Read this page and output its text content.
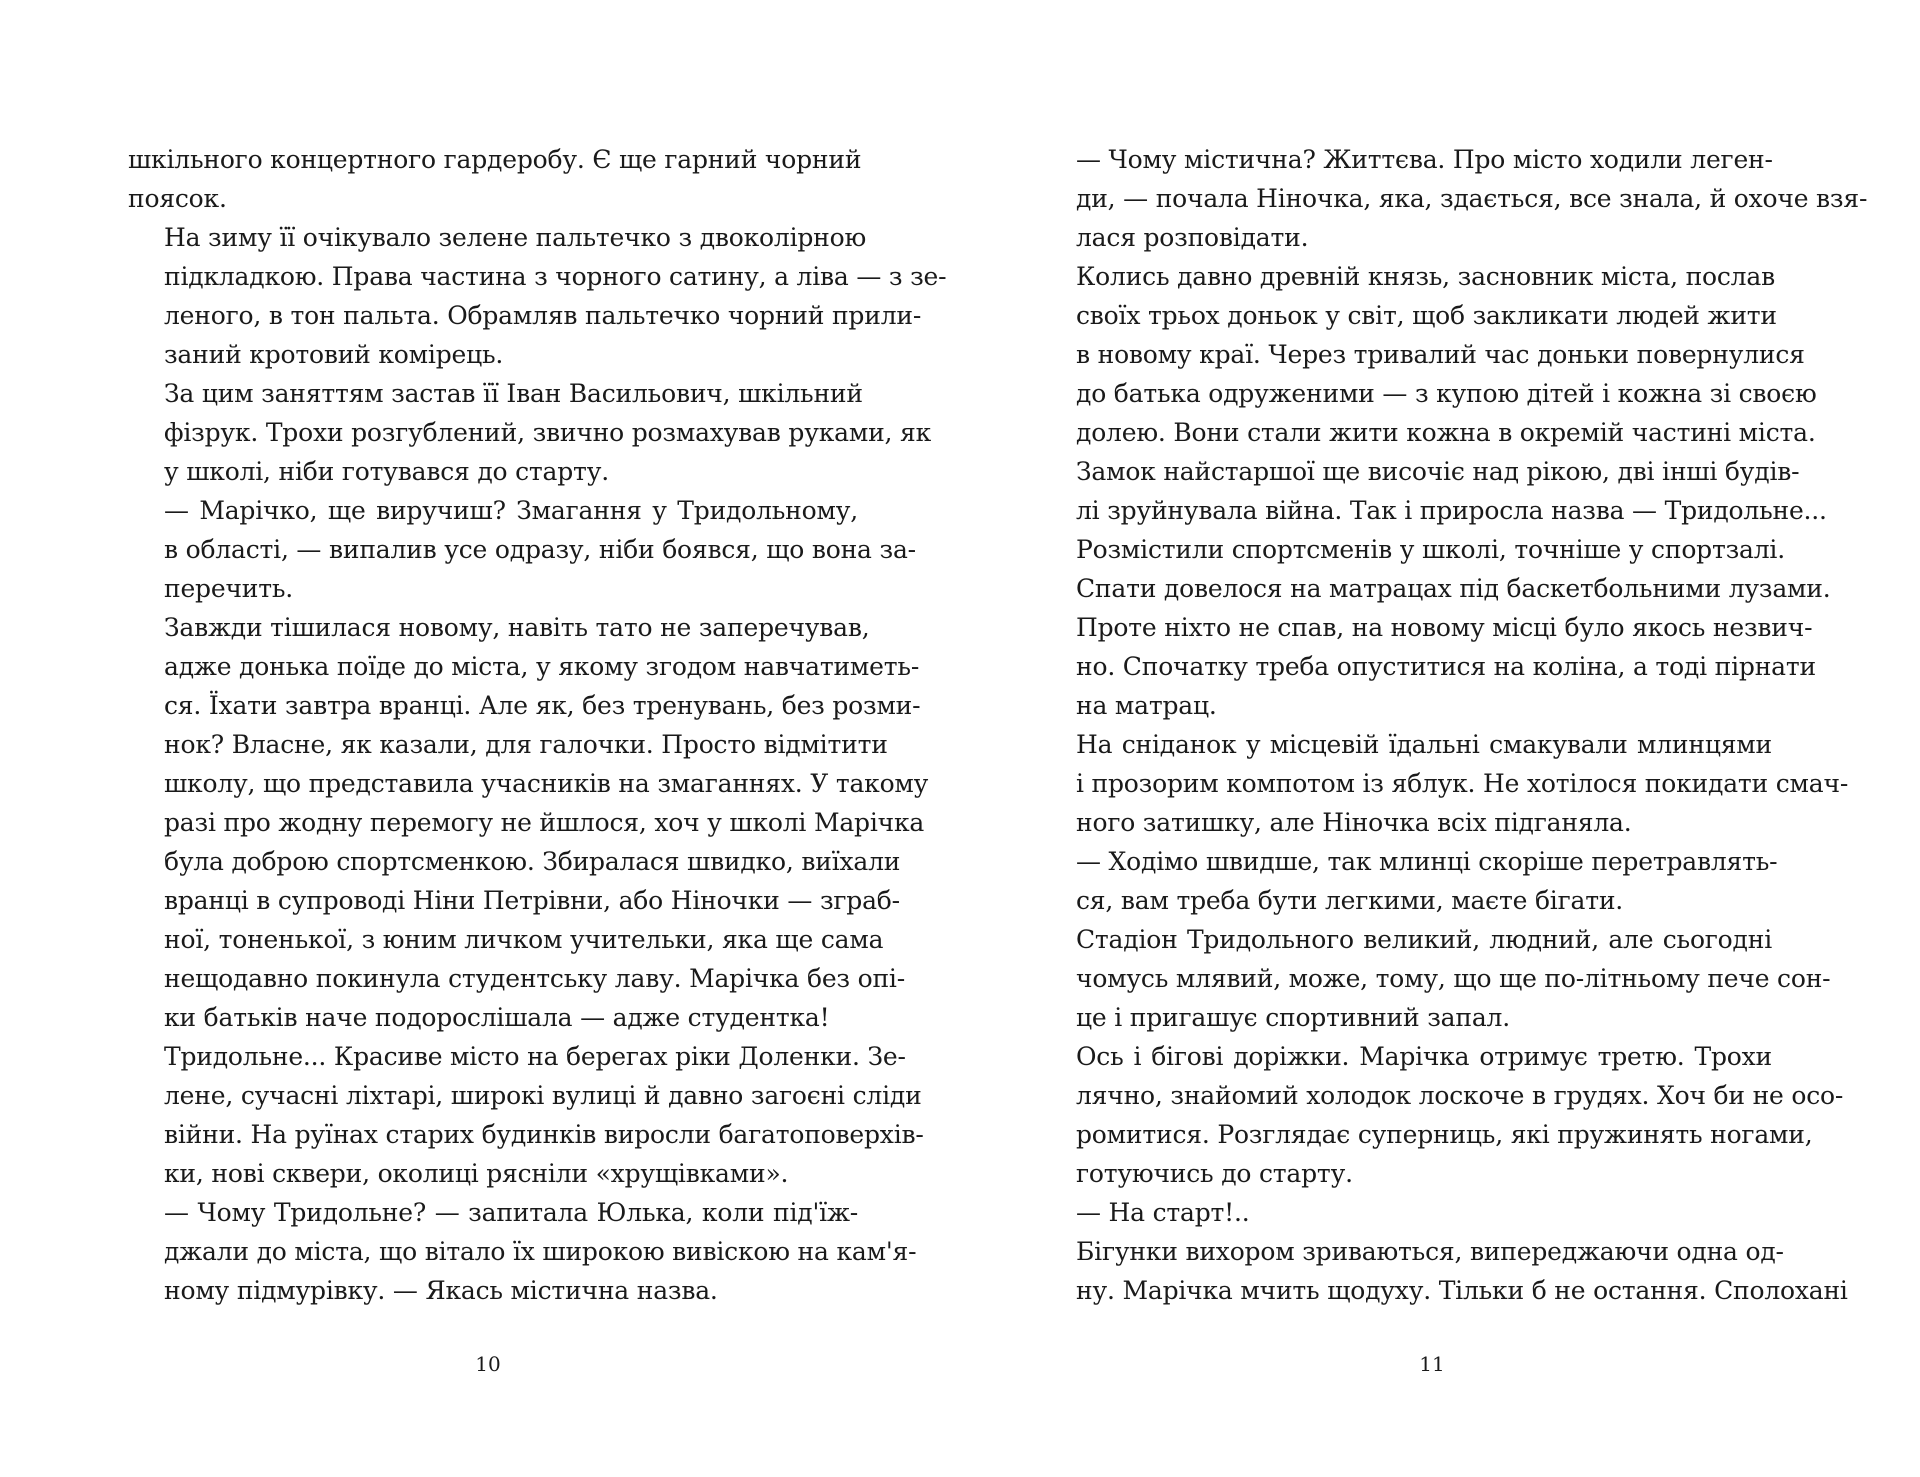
шкільного концертного гардеробу. Є ще гарний чорний
поясок.

На зиму її очікувало зелене пальтечко з двоколірною
підкладкою. Права частина з чорного сатину, а ліва — з зе-
леного, в тон пальта. Обрамляв пальтечко чорний прили-
заний кротовий комірець.

За цим заняттям застав її Іван Васильович, шкільний
фізрук. Трохи розгублений, звично розмахував руками, як
у школі, ніби готувався до старту.

— Марічко, ще виручиш? Змагання у Тридольному,
в області, — випалив усе одразу, ніби боявся, що вона за-
перечить.

Завжди тішилася новому, навіть тато не заперечував,
адже донька поїде до міста, у якому згодом навчатиметь-
ся. Їхати завтра вранці. Але як, без тренувань, без розми-
нок? Власне, як казали, для галочки. Просто відмітити
школу, що представила учасників на змаганнях. У такому
разі про жодну перемогу не йшлося, хоч у школі Марічка
була доброю спортсменкою. Збиралася швидко, виїхали
вранці в супроводі Ніни Петрівни, або Ніночки — зграб-
ної, тоненької, з юним личком учительки, яка ще сама
нещодавно покинула студентську лаву. Марічка без опі-
ки батьків наче подорослішала — адже студентка!

Тридольне... Красиве місто на берегах ріки Доленки. Зе-
лене, сучасні ліхтарі, широкі вулиці й давно загоєні сліди
війни. На руїнах старих будинків виросли багатоповерхів-
ки, нові сквери, околиці рясніли «хрущівками».

— Чому Тридольне? — запитала Юлька, коли під'їж-
джали до міста, що вітало їх широкою вивіскою на кам'я-
ному підмурівку. — Якась містична назва.

10

— Чому містична? Життєва. Про місто ходили леген-
ди, — почала Ніночка, яка, здається, все знала, й охоче взя-
лася розповідати.

Колись давно древній князь, засновник міста, послав
своїх трьох доньок у світ, щоб закликати людей жити
в новому краї. Через тривалий час доньки повернулися
до батька одруженими — з купою дітей і кожна зі своєю
долею. Вони стали жити кожна в окремій частині міста.
Замок найстаршої ще височіє над рікою, дві інші будів-
лі зруйнувала війна. Так і приросла назва — Тридольне...

Розмістили спортсменів у школі, точніше у спортзалі.
Спати довелося на матрацах під баскетбольними лузами.
Проте ніхто не спав, на новому місці було якось незвич-
но. Спочатку треба опуститися на коліна, а тоді пірнати
на матрац.

На сніданок у місцевій їдальні смакували млинцями
і прозорим компотом із яблук. Не хотілося покидати смач-
ного затишку, але Ніночка всіх підганяла.

— Ходімо швидше, так млинці скоріше перетравлять-
ся, вам треба бути легкими, маєте бігати.

Стадіон Тридольного великий, людний, але сьогодні
чомусь млявий, може, тому, що ще по-літньому пече сон-
це і пригашує спортивний запал.

Ось і бігові доріжки. Марічка отримує третю. Трохи
лячно, знайомий холодок лоскоче в грудях. Хоч би не осо-
ромитися. Розглядає суперниць, які пружинять ногами,
готуючись до старту.

— На старт!..

Бігунки вихором зриваються, випереджаючи одна од-
ну. Марічка мчить щодуху. Тільки б не остання. Сполохані

11
